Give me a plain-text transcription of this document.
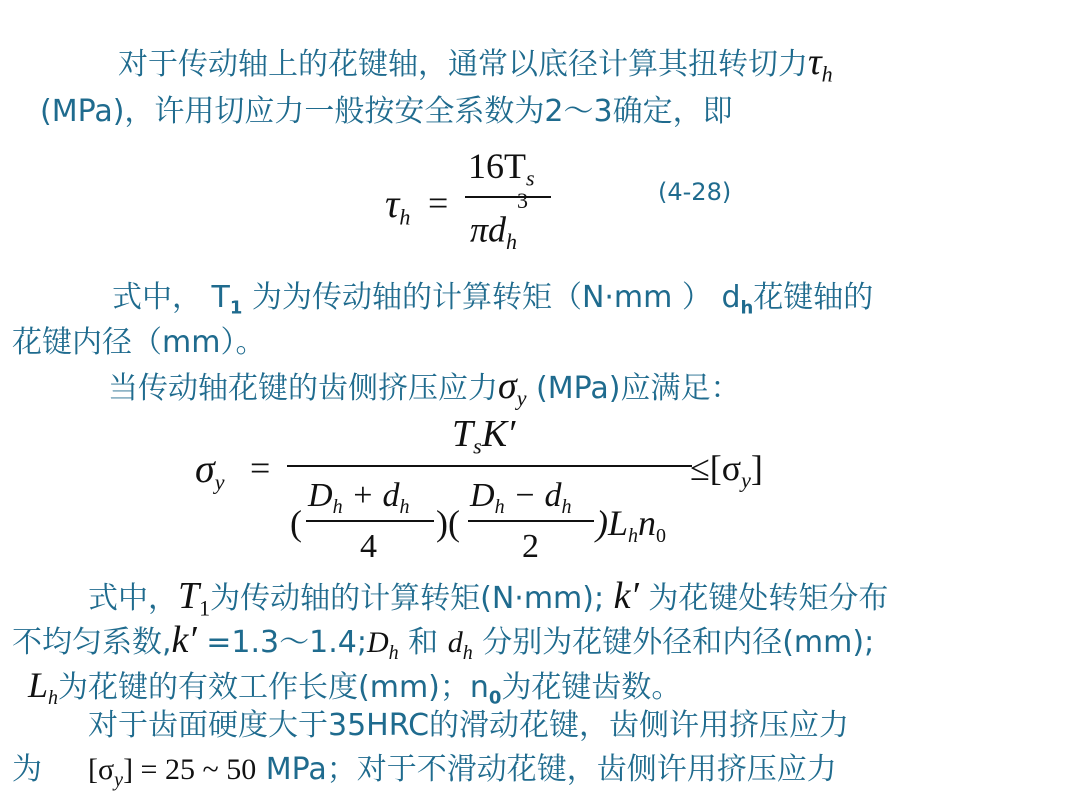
对于传动轴上的花键轴，通常以底径计算其扭转切力$\tau_h$
(MPa)，许用切应力一般按安全系数为2～3确定，即
$\tau_h$ =
$16T_s$
$\pi d_h^3$	(4-28)
式中， $T_1$ 为为传动轴的计算转矩（N·mm ） $d_h$花键轴的
花键内径（mm）。
当传动轴花键的齿侧挤压应力$\sigma_y$ (MPa)应满足：
$\sigma_y$ =
$T_sK'$
$\le[\sigma_y]$
(
$D_h + d_h$
4
)(
$D_h - d_h$
2
)$L_hn_0$
式中，$T_1$为传动轴的计算转矩(N·mm); k′ 为花键处转矩分布
不均匀系数$,k' =1.3\sim 1.4;D_h$ 和 $d_h$ 分别为花键外径和内径(mm);
$L_h$为花键的有效工作长度(mm)；$n_0$为花键齿数。
对于齿面硬度大于35HRC的滑动花键，齿侧许用挤压应力
为 $[\sigma_y] = 25$ ~ 50 MPa；对于不滑动花键，齿侧许用挤压应力
